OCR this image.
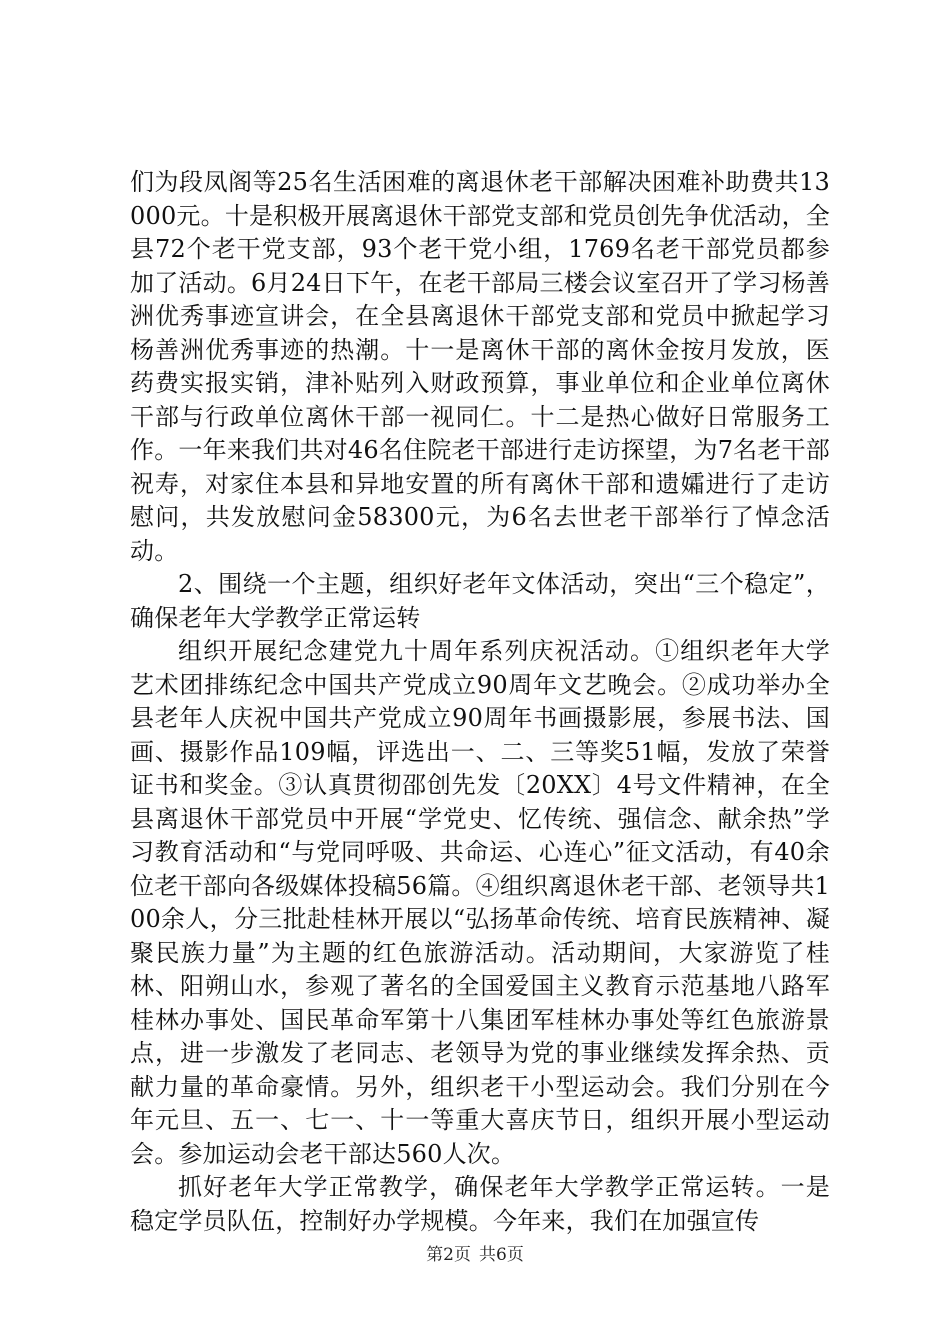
们为段凤阁等25名生活困难的离退休老干部解决困难补助费共13000元。十是积极开展离退休干部党支部和党员创先争优活动，全县72个老干党支部，93个老干党小组，1769名老干部党员都参加了活动。6月24日下午，在老干部局三楼会议室召开了学习杨善洲优秀事迹宣讲会，在全县离退休干部党支部和党员中掀起学习杨善洲优秀事迹的热潮。十一是离休干部的离休金按月发放，医药费实报实销，津补贴列入财政预算，事业单位和企业单位离休干部与行政单位离休干部一视同仁。十二是热心做好日常服务工作。一年来我们共对46名住院老干部进行走访探望，为7名老干部祝寿，对家住本县和异地安置的所有离休干部和遗孀进行了走访慰问，共发放慰问金58300元，为6名去世老干部举行了悼念活动。

2、围绕一个主题，组织好老年文体活动，突出“三个稳定”，确保老年大学教学正常运转

组织开展纪念建党九十周年系列庆祝活动。①组织老年大学艺术团排练纪念中国共产党成立90周年文艺晚会。②成功举办全县老年人庆祝中国共产党成立90周年书画摄影展，参展书法、国画、摄影作品109幅，评选出一、二、三等奖51幅，发放了荣誉证书和奖金。③认真贯彻邵创先发〔20XX〕4号文件精神，在全县离退休干部党员中开展“学党史、忆传统、强信念、献余热”学习教育活动和“与党同呼吸、共命运、心连心”征文活动，有40余位老干部向各级媒体投稿56篇。④组织离退休老干部、老领导共100余人，分三批赴桂林开展以“弘扬革命传统、培育民族精神、凝聚民族力量”为主题的红色旅游活动。活动期间，大家游览了桂林、阳朔山水，参观了著名的全国爱国主义教育示范基地八路军桂林办事处、国民革命军第十八集团军桂林办事处等红色旅游景点，进一步激发了老同志、老领导为党的事业继续发挥余热、贡献力量的革命豪情。另外，组织老干小型运动会。我们分别在今年元旦、五一、七一、十一等重大喜庆节日，组织开展小型运动会。参加运动会老干部达560人次。

抓好老年大学正常教学，确保老年大学教学正常运转。一是稳定学员队伍，控制好办学规模。今年来，我们在加强宣传

第2页 共6页
